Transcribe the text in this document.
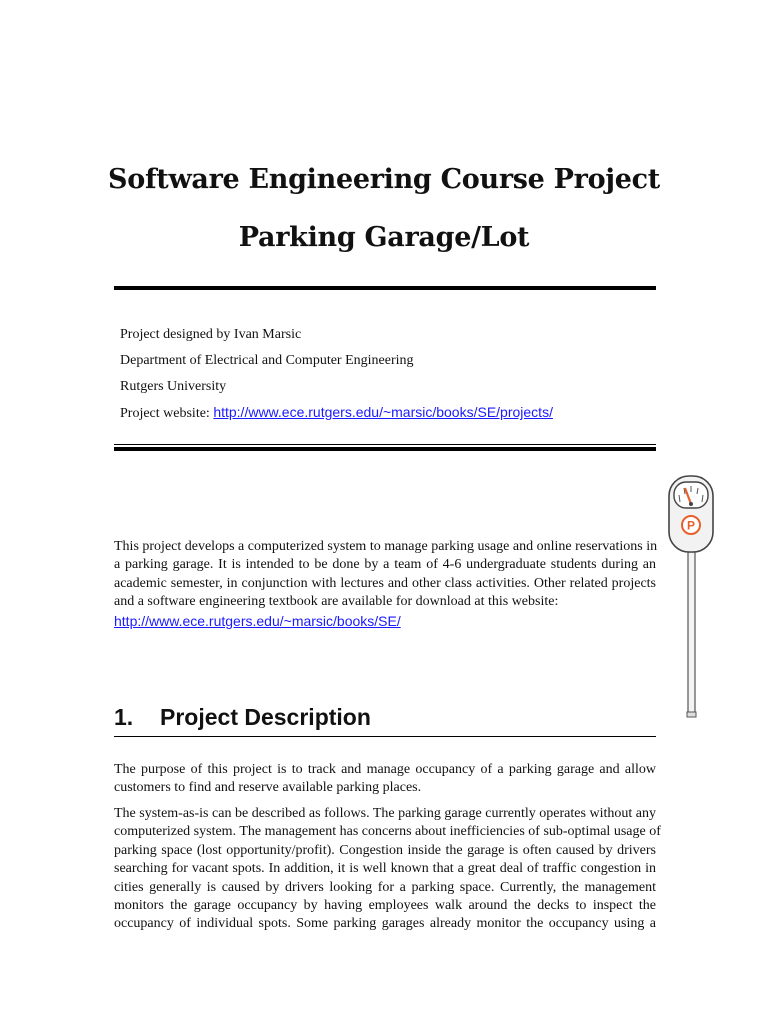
Software Engineering Course Project
Parking Garage/Lot
Project designed by Ivan Marsic
Department of Electrical and Computer Engineering
Rutgers University
Project website: http://www.ece.rutgers.edu/~marsic/books/SE/projects/
P
This project develops a computerized system to manage parking usage and online reservations in
a parking garage. It is intended to be done by a team of 4-6 undergraduate students during an
academic semester, in conjunction with lectures and other class activities. Other related projects
and a software engineering textbook are available for download at this website:
http://www.ece.rutgers.edu/~marsic/books/SE/
1. Project Description
The purpose of this project is to track and manage occupancy of a parking garage and allow
customers to find and reserve available parking places.
The system-as-is can be described as follows. The parking garage currently operates without any
computerized system. The management has concerns about inefficiencies of sub-optimal usage of
parking space (lost opportunity/profit). Congestion inside the garage is often caused by drivers
searching for vacant spots. In addition, it is well known that a great deal of traffic congestion in
cities generally is caused by drivers looking for a parking space. Currently, the management
monitors the garage occupancy by having employees walk around the decks to inspect the
occupancy of individual spots. Some parking garages already monitor the occupancy using a
